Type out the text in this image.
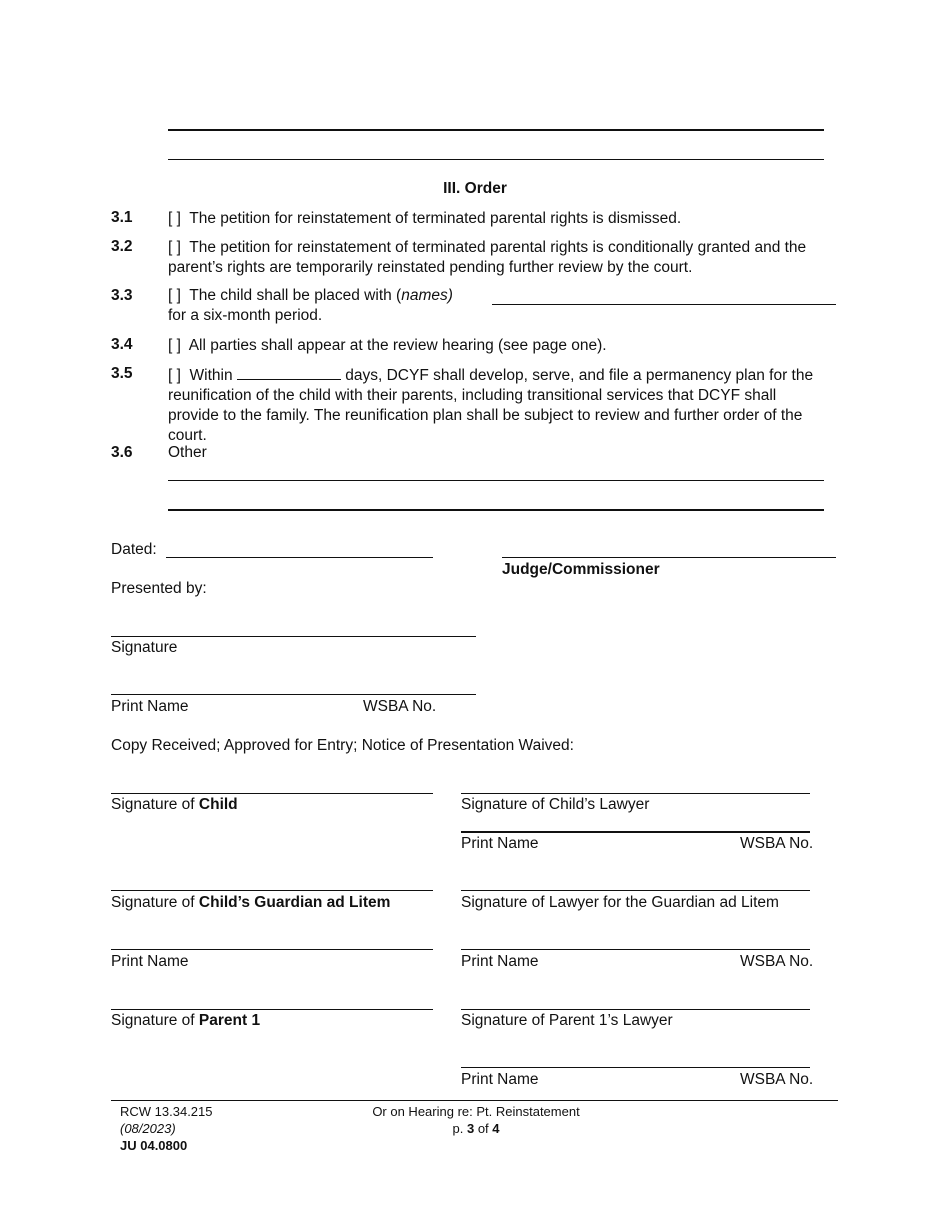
III. Order
3.1 [ ] The petition for reinstatement of terminated parental rights is dismissed.
3.2 [ ] The petition for reinstatement of terminated parental rights is conditionally granted and the parent’s rights are temporarily reinstated pending further review by the court.
3.3 [ ] The child shall be placed with (names)
for a six-month period.
3.4 [ ] All parties shall appear at the review hearing (see page one).
3.5 [ ] Within	days, DCYF shall develop, serve, and file a permanency plan for the reunification of the child with their parents, including transitional services that DCYF shall provide to the family. The reunification plan shall be subject to review and further order of the court.
3.6 Other
Dated:
Judge/Commissioner
Presented by:
Signature
Print Name	WSBA No.
Copy Received; Approved for Entry; Notice of Presentation Waived:
Signature of Child	Signature of Child’s Lawyer
Print Name	WSBA No.
Signature of Child’s Guardian ad Litem	Signature of Lawyer for the Guardian ad Litem
Print Name	Print Name	WSBA No.
Signature of Parent 1	Signature of Parent 1’s Lawyer
Print Name	WSBA No.
RCW 13.34.215
(08/2023)
JU 04.0800
Or on Hearing re: Pt. Reinstatement
p. 3 of 4
